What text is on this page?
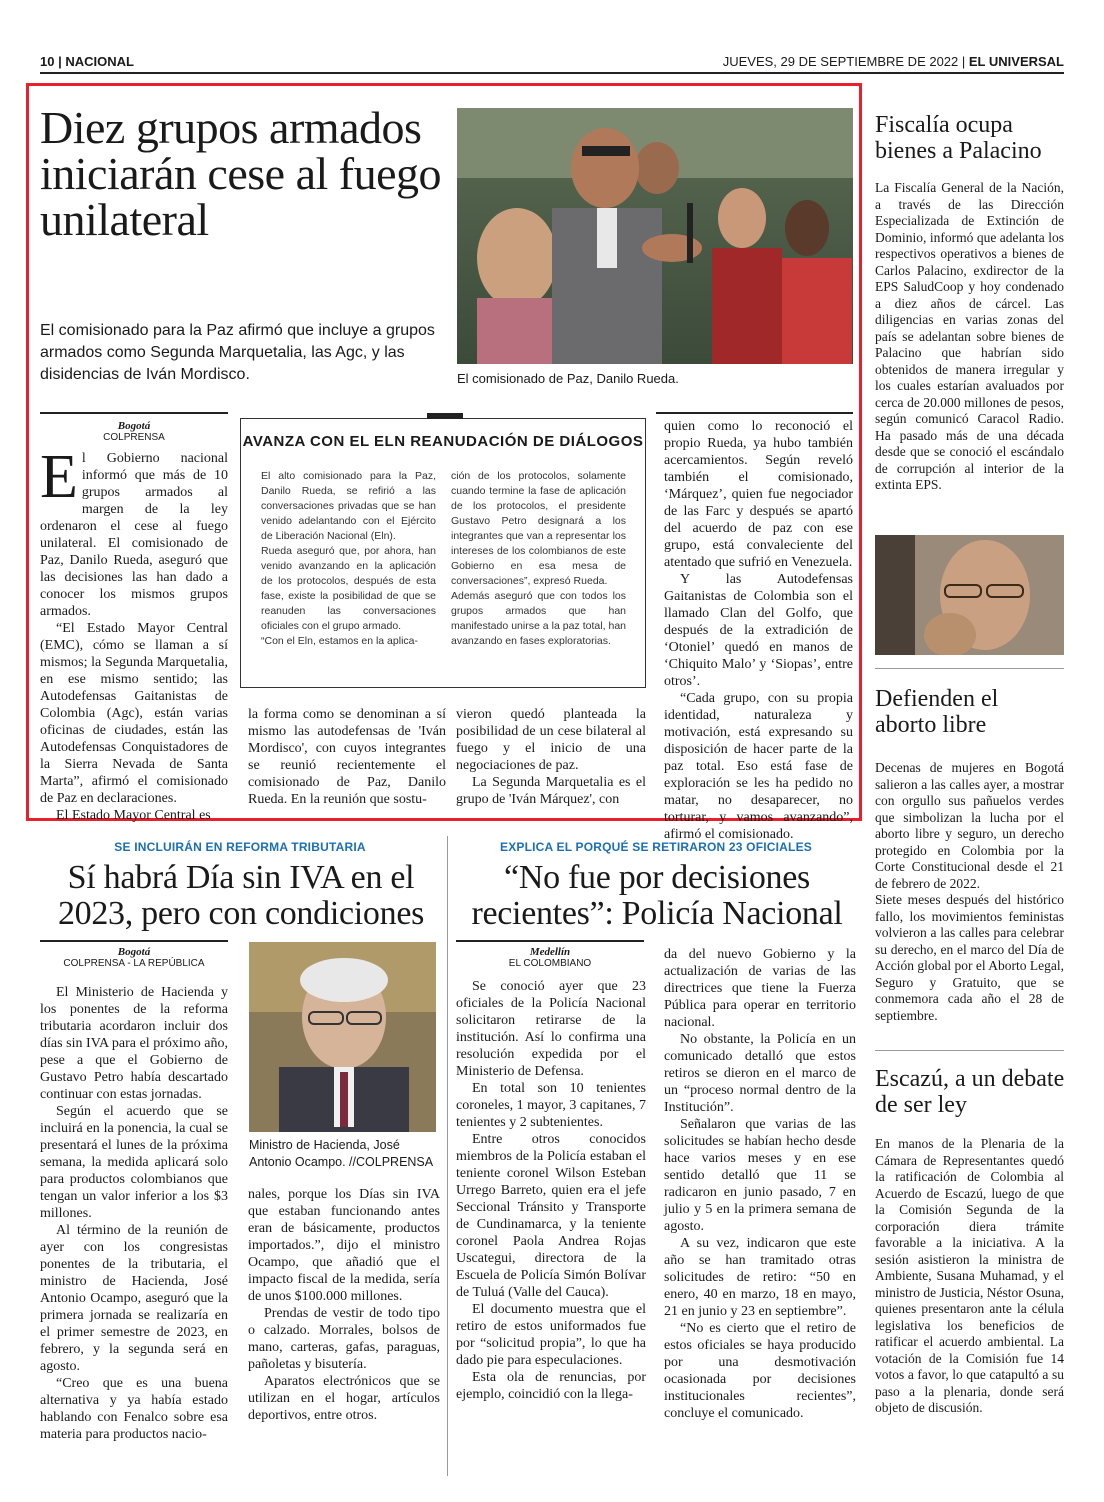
10 | NACIONAL	JUEVES, 29 DE SEPTIEMBRE DE 2022 | EL UNIVERSAL
Diez grupos armados iniciarán cese al fuego unilateral
El comisionado para la Paz afirmó que incluye a grupos armados como Segunda Marquetalia, las Agc, y las disidencias de Iván Mordisco.	El comisionado de Paz, Danilo Rueda.
Bogotá
COLPRENSA

El Gobierno nacional informó que más de 10 grupos armados al margen de la ley ordenaron el cese al fuego unilateral. El comisionado de Paz, Danilo Rueda, aseguró que las decisiones las han dado a conocer los mismos grupos armados.

“El Estado Mayor Central (EMC), cómo se llaman a sí mismos; la Segunda Marquetalia, en ese mismo sentido; las Autodefensas Gaitanistas de Colombia (Agc), están varias oficinas de ciudades, están las Autodefensas Conquistadores de la Sierra Nevada de Santa Marta”, afirmó el comisionado de Paz en declaraciones.

El Estado Mayor Central es

AVANZA CON EL ELN REANUDACIÓN DE DIÁLOGOS

El alto comisionado para la Paz, Danilo Rueda, se refirió a las conversaciones privadas que se han venido adelantando con el Ejército de Liberación Nacional (Eln).

Rueda aseguró que, por ahora, han venido avanzando en la aplicación de los protocolos, después de esta fase, existe la posibilidad de que se reanuden las conversaciones oficiales con el grupo armado.

“Con el Eln, estamos en la aplica-

ción de los protocolos, solamente cuando termine la fase de aplicación de los protocolos, el presidente Gustavo Petro designará a los integrantes que van a representar los intereses de los colombianos de este Gobierno en esa mesa de conversaciones”, expresó Rueda.

Además aseguró que con todos los grupos armados que han manifestado unirse a la paz total, han avanzando en fases exploratorias.

la forma como se denominan a sí mismo las autodefensas de 'Iván Mordisco', con cuyos integrantes se reunió recientemente el comisionado de Paz, Danilo Rueda. En la reunión que sostu-

vieron quedó planteada la posibilidad de un cese bilateral al fuego y el inicio de una negociaciones de paz.

La Segunda Marquetalia es el grupo de 'Iván Márquez', con

quien como lo reconoció el propio Rueda, ya hubo también acercamientos. Según reveló también el comisionado, ‘Márquez’, quien fue negociador de las Farc y después se apartó del acuerdo de paz con ese grupo, está convaleciente del atentado que sufrió en Venezuela.

Y las Autodefensas Gaitanistas de Colombia son el llamado Clan del Golfo, que después de la extradición de ‘Otoniel’ quedó en manos de ‘Chiquito Malo’ y ‘Siopas’, entre otros’.

“Cada grupo, con su propia identidad, naturaleza y motivación, está expresando su disposición de hacer parte de la paz total. Eso está fase de exploración se les ha pedido no matar, no desaparecer, no torturar, y vamos avanzando”, afirmó el comisionado.

SE INCLUIRÁN EN REFORMA TRIBUTARIA
Sí habrá Día sin IVA en el 2023, pero con condiciones
Bogotá
COLPRENSA - LA REPÚBLICA

El Ministerio de Hacienda y los ponentes de la reforma tributaria acordaron incluir dos días sin IVA para el próximo año, pese a que el Gobierno de Gustavo Petro había descartado continuar con estas jornadas.

Según el acuerdo que se incluirá en la ponencia, la cual se presentará el lunes de la próxima semana, la medida aplicará solo para productos colombianos que tengan un valor inferior a los $3 millones.

Al término de la reunión de ayer con los congresistas ponentes de la tributaria, el ministro de Hacienda, José Antonio Ocampo, aseguró que la primera jornada se realizaría en el primer semestre de 2023, en febrero, y la segunda será en agosto.

“Creo que es una buena alternativa y ya había estado hablando con Fenalco sobre esa materia para productos nacio-

Ministro de Hacienda, José Antonio Ocampo. //COLPRENSA

nales, porque los Días sin IVA que estaban funcionando antes eran de básicamente, productos importados.”, dijo el ministro Ocampo, que añadió que el impacto fiscal de la medida, sería de unos $100.000 millones.

Prendas de vestir de todo tipo o calzado. Morrales, bolsos de mano, carteras, gafas, paraguas, pañoletas y bisutería.

Aparatos electrónicos que se utilizan en el hogar, artículos deportivos, entre otros.

EXPLICA EL PORQUÉ SE RETIRARON 23 OFICIALES
“No fue por decisiones recientes”: Policía Nacional
Medellín
EL COLOMBIANO

Se conoció ayer que 23 oficiales de la Policía Nacional solicitaron retirarse de la institución. Así lo confirma una resolución expedida por el Ministerio de Defensa.

En total son 10 tenientes coroneles, 1 mayor, 3 capitanes, 7 tenientes y 2 subtenientes.

Entre otros conocidos miembros de la Policía estaban el teniente coronel Wilson Esteban Urrego Barreto, quien era el jefe Seccional Tránsito y Transporte de Cundinamarca, y la teniente coronel Paola Andrea Rojas Uscategui, directora de la Escuela de Policía Simón Bolívar de Tuluá (Valle del Cauca).

El documento muestra que el retiro de estos uniformados fue por “solicitud propia”, lo que ha dado pie para especulaciones.

Esta ola de renuncias, por ejemplo, coincidió con la llega-

da del nuevo Gobierno y la actualización de varias de las directrices que tiene la Fuerza Pública para operar en territorio nacional.

No obstante, la Policía en un comunicado detalló que estos retiros se dieron en el marco de un “proceso normal dentro de la Institución”.

Señalaron que varias de las solicitudes se habían hecho desde hace varios meses y en ese sentido detalló que 11 se radicaron en junio pasado, 7 en julio y 5 en la primera semana de agosto.

A su vez, indicaron que este año se han tramitado otras solicitudes de retiro: “50 en enero, 40 en marzo, 18 en mayo, 21 en junio y 23 en septiembre”.

“No es cierto que el retiro de estos oficiales se haya producido por una desmotivación ocasionada por decisiones institucionales recientes”, concluye el comunicado.

Fiscalía ocupa bienes a Palacino

La Fiscalía General de la Nación, a través de las Dirección Especializada de Extinción de Dominio, informó que adelanta los respectivos operativos a bienes de Carlos Palacino, exdirector de la EPS SaludCoop y hoy condenado a diez años de cárcel. Las diligencias en varias zonas del país se adelantan sobre bienes de Palacino que habrían sido obtenidos de manera irregular y los cuales estarían avaluados por cerca de 20.000 millones de pesos, según comunicó Caracol Radio. Ha pasado más de una década desde que se conoció el escándalo de corrupción al interior de la extinta EPS.

Defienden el aborto libre

Decenas de mujeres en Bogotá salieron a las calles ayer, a mostrar con orgullo sus pañuelos verdes que simbolizan la lucha por el aborto libre y seguro, un derecho protegido en Colombia por la Corte Constitucional desde el 21 de febrero de 2022.

Siete meses después del histórico fallo, los movimientos feministas volvieron a las calles para celebrar su derecho, en el marco del Día de Acción global por el Aborto Legal, Seguro y Gratuito, que se conmemora cada año el 28 de septiembre.

Escazú, a un debate de ser ley

En manos de la Plenaria de la Cámara de Representantes quedó la ratificación de Colombia al Acuerdo de Escazú, luego de que la Comisión Segunda de la corporación diera trámite favorable a la iniciativa. A la sesión asistieron la ministra de Ambiente, Susana Muhamad, y el ministro de Justicia, Néstor Osuna, quienes presentaron ante la célula legislativa los beneficios de ratificar el acuerdo ambiental. La votación de la Comisión fue 14 votos a favor, lo que catapultó a su paso a la plenaria, donde será objeto de discusión.
